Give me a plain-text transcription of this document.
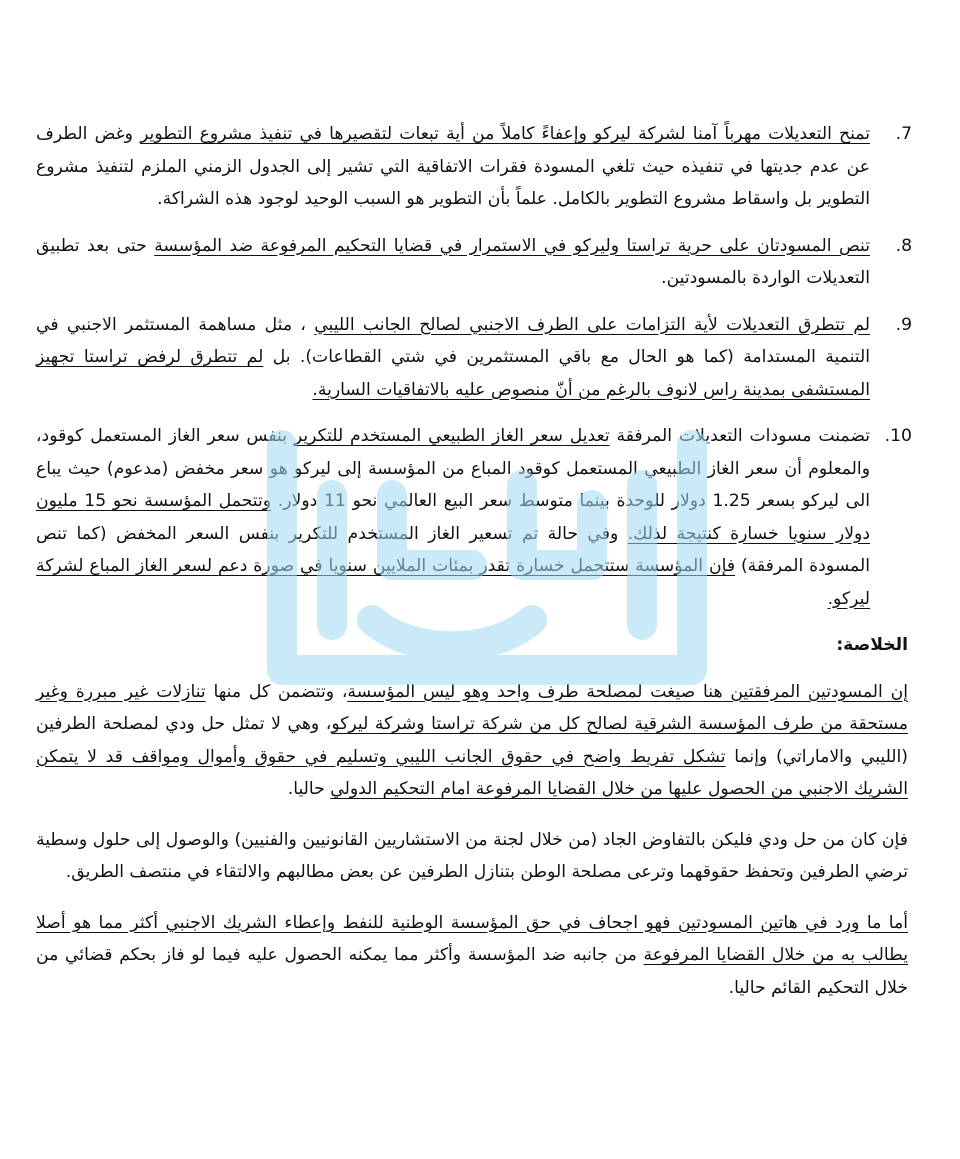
7.

تمنح التعديلات مهرباً آمنا لشركة ليركو وإعفاءً كاملاً من أية تبعات لتقصيرها في تنفيذ مشروع التطوير وغض الطرف عن عدم جديتها في تنفيذه حيث تلغي المسودة فقرات الاتفاقية التي تشير إلى الجدول الزمني الملزم لتنفيذ مشروع التطوير بل واسقاط مشروع التطوير بالكامل. علماً بأن التطوير هو السبب الوحيد لوجود هذه الشراكة.

8.

تنص المسودتان على حرية تراستا وليركو في الاستمرار في قضايا التحكيم المرفوعة ضد المؤسسة حتى بعد تطبيق التعديلات الواردة بالمسودتين.

9.

لم تتطرق التعديلات لأية التزامات على الطرف الاجنبي لصالح الجانب الليبي ، مثل مساهمة المستثمر الاجنبي في التنمية المستدامة (كما هو الحال مع باقي المستثمرين في شتي القطاعات). بل لم تتطرق لرفض تراستا تجهيز المستشفى بمدينة راس لانوف بالرغم من أنّ منصوص عليه بالاتفاقيات السارية.

10.

تضمنت مسودات التعديلات المرفقة تعديل سعر الغاز الطبيعي المستخدم للتكرير بنفس سعر الغاز المستعمل كوقود، والمعلوم أن سعر الغاز الطبيعي المستعمل كوقود المباع من المؤسسة إلى ليركو هو سعر مخفض (مدعوم) حيث يباع الى ليركو بسعر 1.25 دولار للوحدة بينما متوسط سعر البيع العالمي نحو 11 دولار. وتتحمل المؤسسة نحو 15 مليون دولار سنويا خسارة كنتيجة لذلك. وفي حالة تم تسعير الغاز المستخدم للتكرير بنفس السعر المخفض (كما تنص المسودة المرفقة) فإن المؤسسة ستتحمل خسارة تقدر بمئات الملايين سنويا في صورة دعم لسعر الغاز المباع لشركة ليركو.

الخلاصة:

إن المسودتين المرفقتين هنا صيغت لمصلحة طرف واحد وهو ليس المؤسسة، وتتضمن كل منها تنازلات غير مبررة وغير مستحقة من طرف المؤسسة الشرقية لصالح كل من شركة تراستا وشركة ليركو، وهي لا تمثل حل ودي لمصلحة الطرفين (الليبي والاماراتي) وإنما تشكل تفريط واضح في حقوق الجانب الليبي وتسليم في حقوق وأموال ومواقف قد لا يتمكن الشريك الاجنبي من الحصول عليها من خلال القضايا المرفوعة امام التحكيم الدولي حاليا.

فإن كان من حل ودي فليكن بالتفاوض الجاد (من خلال لجنة من الاستشاريين القانونيين والفنيين) والوصول إلى حلول وسطية ترضي الطرفين وتحفظ حقوقهما وترعى مصلحة الوطن بتنازل الطرفين عن بعض مطالبهم والالتقاء في منتصف الطريق.

أما ما ورد في هاتين المسودتين فهو اجحاف في حق المؤسسة الوطنية للنفط وإعطاء الشريك الاجنبي أكثر مما هو أصلا يطالب به من خلال القضايا المرفوعة من جانبه ضد المؤسسة وأكثر مما يمكنه الحصول عليه فيما لو فاز بحكم قضائي من خلال التحكيم القائم حاليا.
